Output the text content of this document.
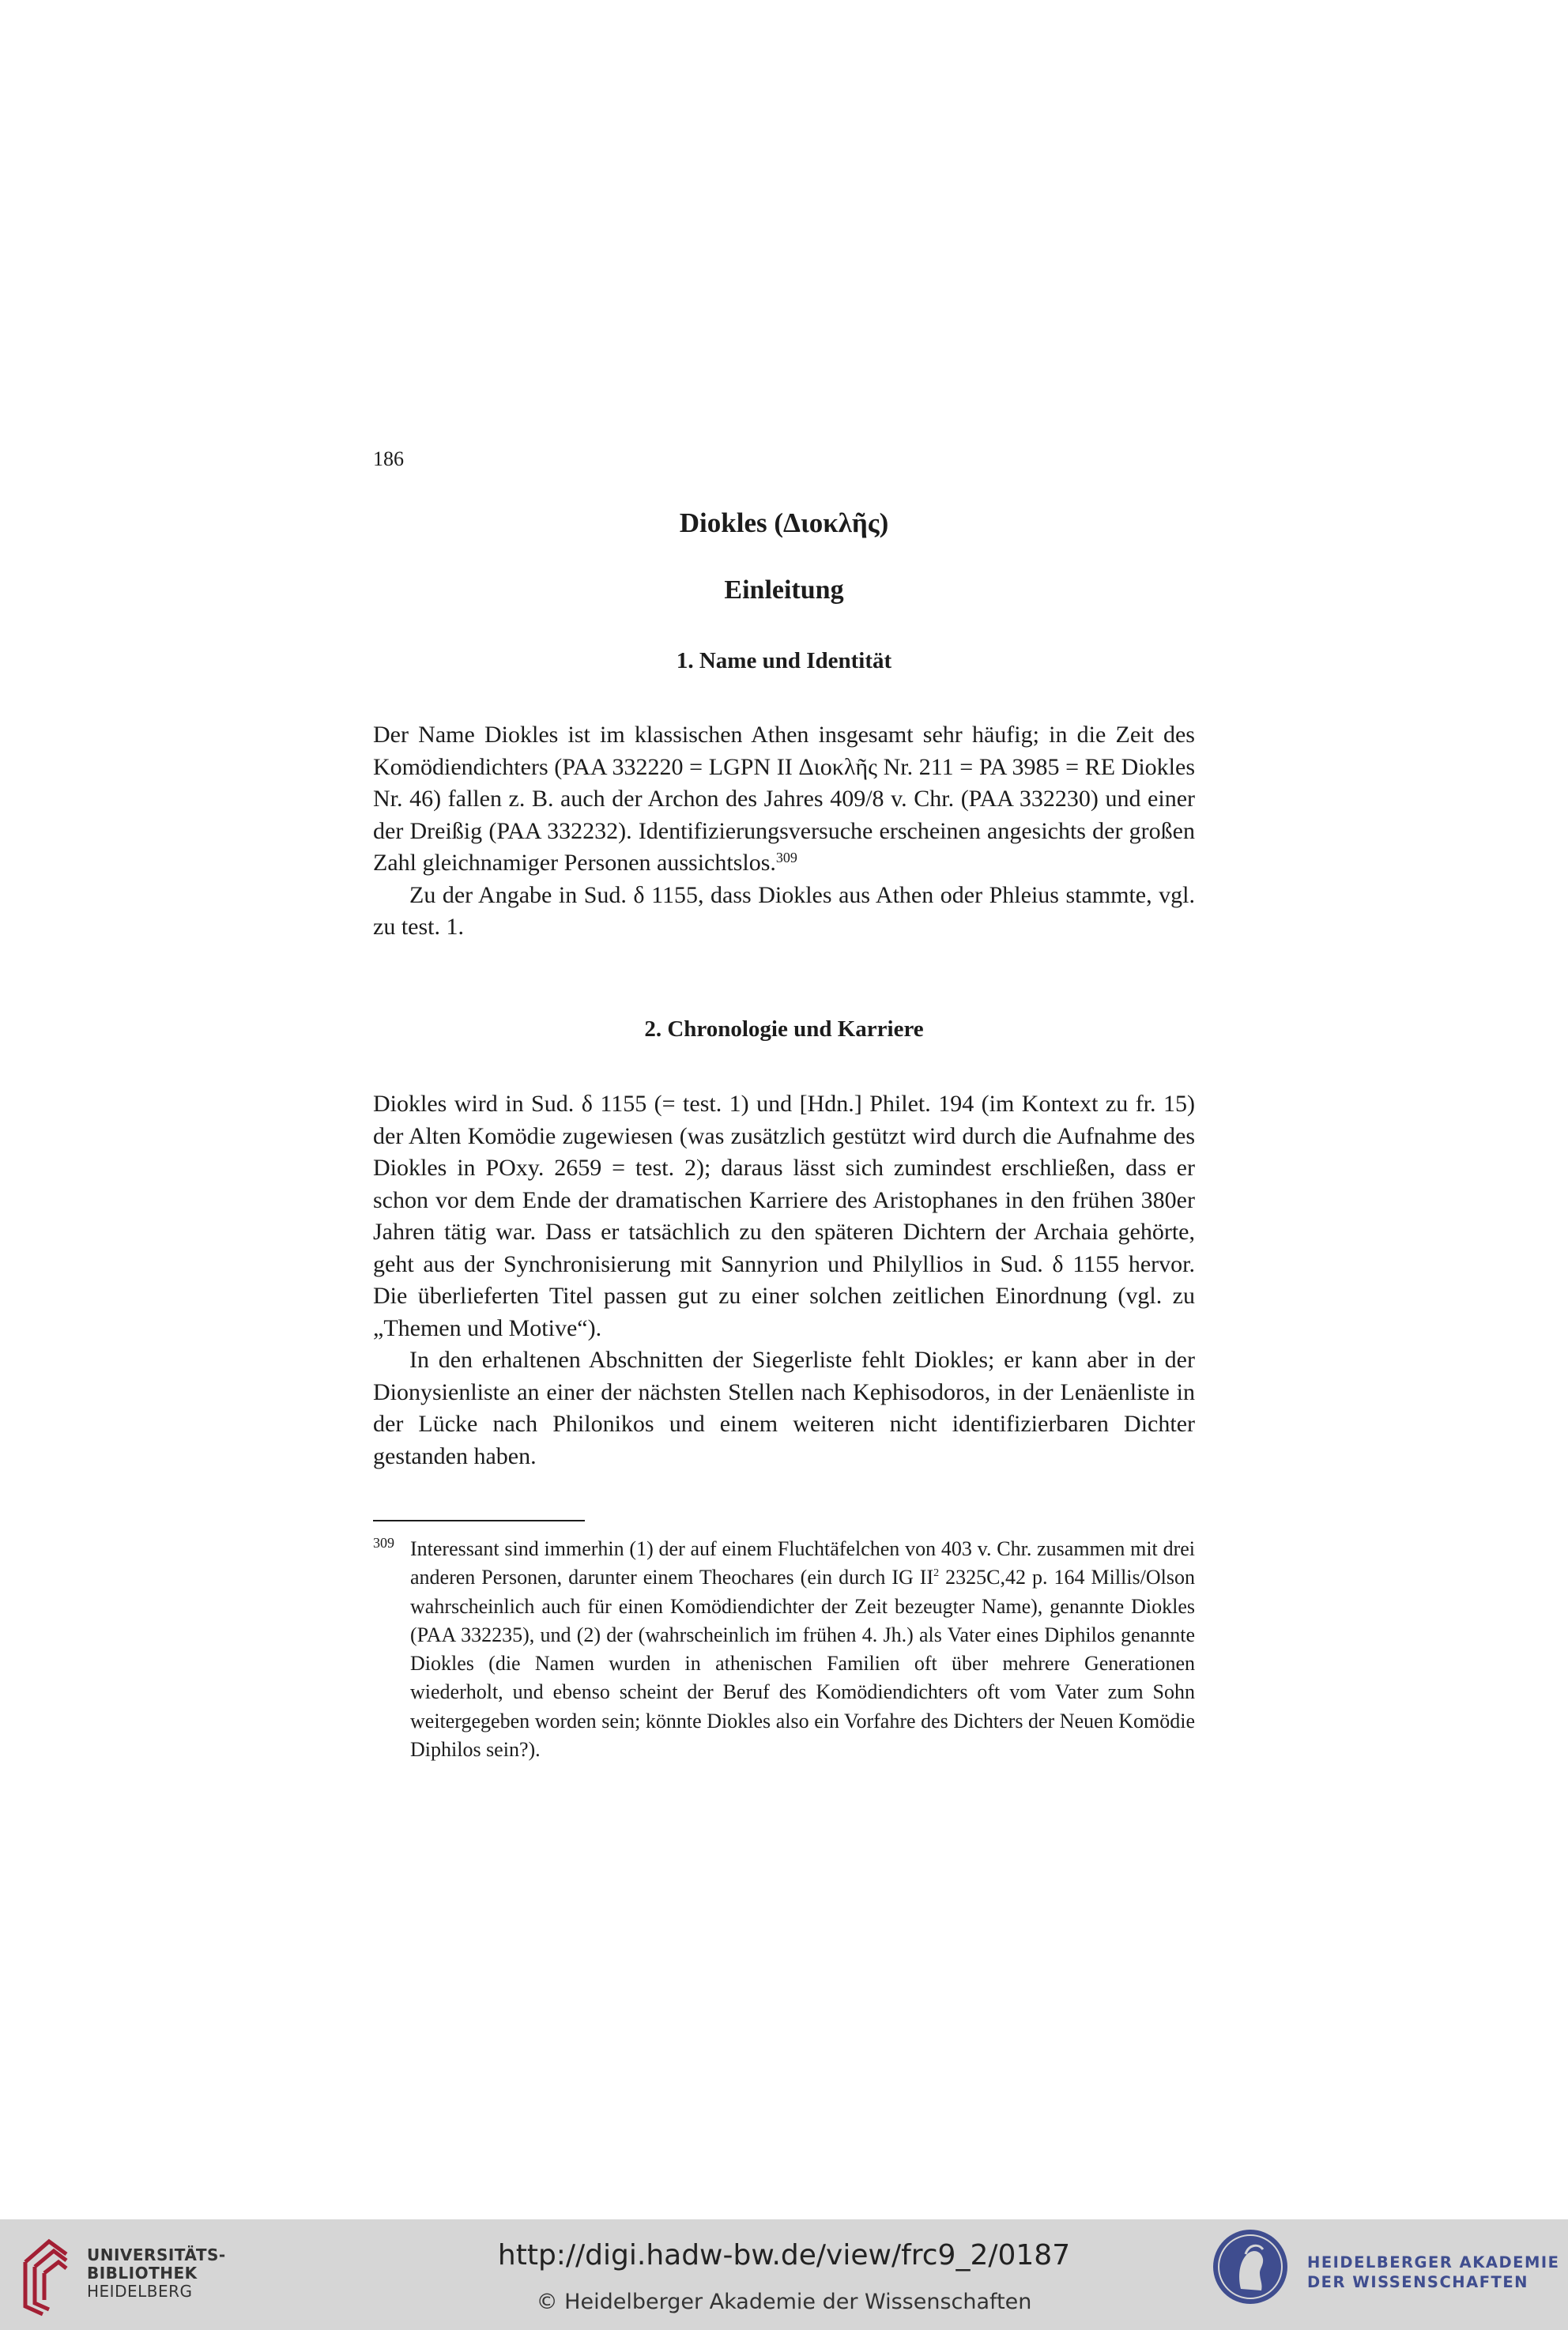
186
Diokles (Διοκλῆς)
Einleitung
1. Name und Identität

Der Name Diokles ist im klassischen Athen insgesamt sehr häufig; in die Zeit des Komödiendichters (PAA 332220 = LGPN II Διοκλῆς Nr. 211 = PA 3985 = RE Diokles Nr. 46) fallen z. B. auch der Archon des Jahres 409/8 v. Chr. (PAA 332230) und einer der Dreißig (PAA 332232). Identifizierungsversuche erscheinen angesichts der großen Zahl gleichnamiger Personen aussichtslos.$^{309}$

Zu der Angabe in Sud. δ 1155, dass Diokles aus Athen oder Phleius stammte, vgl. zu test. 1.

2. Chronologie und Karriere

Diokles wird in Sud. δ 1155 (= test. 1) und [Hdn.] Philet. 194 (im Kontext zu fr. 15) der Alten Komödie zugewiesen (was zusätzlich gestützt wird durch die Aufnahme des Diokles in POxy. 2659 = test. 2); daraus lässt sich zumindest erschließen, dass er schon vor dem Ende der dramatischen Karriere des Aristophanes in den frühen 380er Jahren tätig war. Dass er tatsächlich zu den späteren Dichtern der Archaia gehörte, geht aus der Synchronisierung mit Sannyrion und Philyllios in Sud. δ 1155 hervor. Die überlieferten Titel passen gut zu einer solchen zeitlichen Einordnung (vgl. zu „Themen und Motive“).

In den erhaltenen Abschnitten der Siegerliste fehlt Diokles; er kann aber in der Dionysienliste an einer der nächsten Stellen nach Kephisodoros, in der Lenäenliste in der Lücke nach Philonikos und einem weiteren nicht identifizierbaren Dichter gestanden haben.

309 Interessant sind immerhin (1) der auf einem Fluchtäfelchen von 403 v. Chr. zusammen mit drei anderen Personen, darunter einem Theochares (ein durch IG $II^2$ 2325C,42 p. 164 Millis/Olson wahrscheinlich auch für einen Komödiendichter der Zeit bezeugter Name), genannte Diokles (PAA 332235), und (2) der (wahrscheinlich im frühen 4. Jh.) als Vater eines Diphilos genannte Diokles (die Namen wurden in athenischen Familien oft über mehrere Generationen wiederholt, und ebenso scheint der Beruf des Komödiendichters oft vom Vater zum Sohn weitergegeben worden sein; könnte Diokles also ein Vorfahre des Dichters der Neuen Komödie Diphilos sein?).
UNIVERSITÄTS-
BIBLIOTHEK
HEIDELBERG
http://digi.hadw-bw.de/view/frc9_2/0187
© Heidelberger Akademie der Wissenschaften
HEIDELBERGER AKADEMIE
DER WISSENSCHAFTEN
